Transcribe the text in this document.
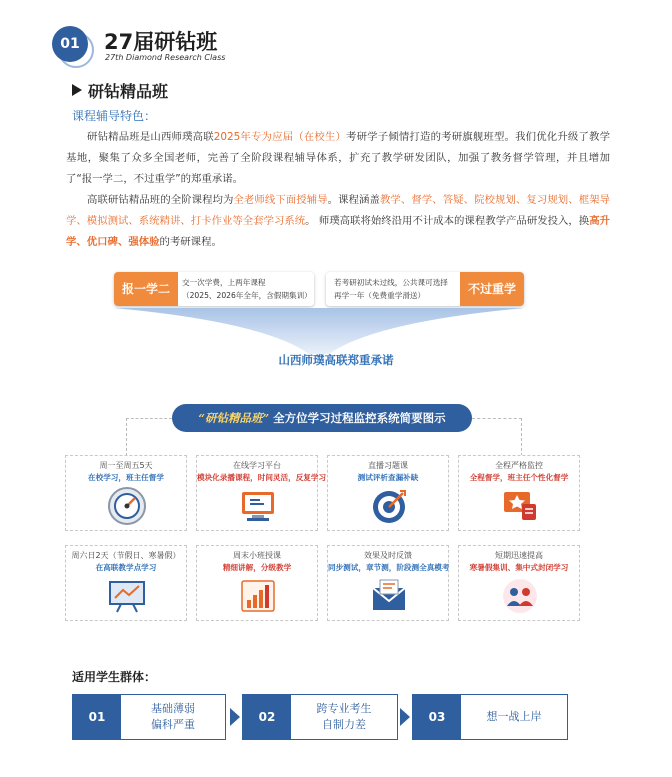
01	27届研钻班
27th Diamond Research Class
研钻精品班
课程辅导特色：

研钻精品班是山西师璞高联2025年专为应届（在校生）考研学子倾情打造的考研旗舰班型。我们优化升级了教学基地，聚集了众多全国老师，完善了全阶段课程辅导体系，扩充了教学研发团队，加强了教务督学管理，并且增加了“报一学二，不过重学”的郑重承诺。

高联研钻精品班的全阶课程均为全老师线下面授辅导。课程涵盖教学、督学、答疑、院校规划、复习规划、框架导学、模拟测试、系统精讲、打卡作业等全套学习系统。 师璞高联将始终沿用不计成本的课程教学产品研发投入，换高升学、优口碑、强体验的考研课程。

报一学二	交一次学费，上两年课程
（2025、2026年全年，含假期集训）
若考研初试未过线，公共课可选择
再学一年（免费重学滑送）	不过重学
山西师璞高联郑重承诺
“研钻精品班” 全方位学习过程监控系统简要图示
周一至周五5天
在校学习，班主任督学
在线学习平台
模块化录播课程，时间灵活，反复学习
直播习题课
测试评析查漏补缺
全程严格监控
全程督学，班主任个性化督学
周六日2天（节假日、寒暑假）
在高联教学点学习
周末小班授课
精细讲解，分级教学
效果及时反馈
同步测试，章节测，阶段测全真模考
短期迅速提高
寒暑假集训、集中式封闭学习
适用学生群体：
01
基础薄弱
偏科严重
02
跨专业考生
自制力差
03	想一战上岸
